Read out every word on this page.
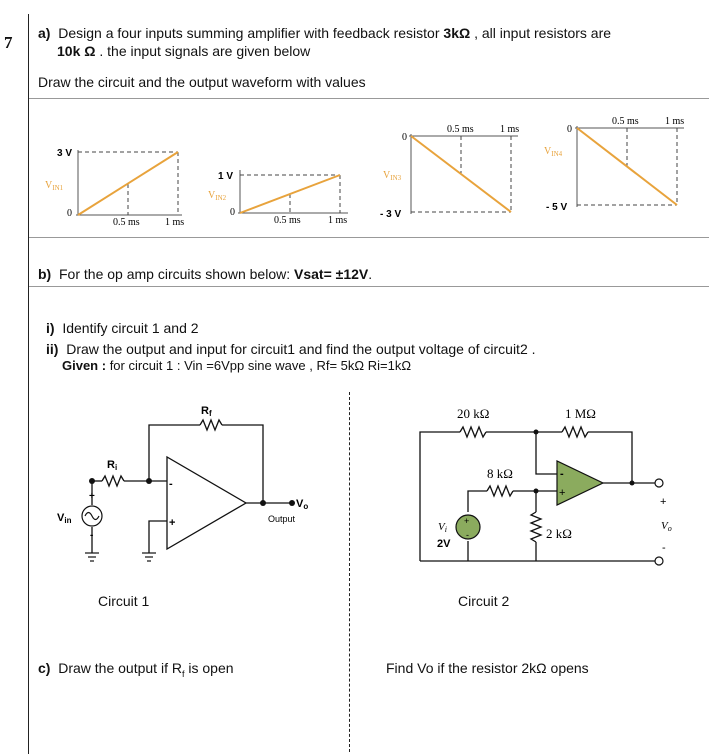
7 a) Design a four inputs summing amplifier with feedback resistor 3kΩ , all input resistors are
10k Ω . the input signals are given below
Draw the circuit and the output waveform with values
3 V
$V_{IN1}$
0
0.5 ms	1 ms
1 V
$V_{IN2}$
0
0.5 ms	1 ms
- 3 V
$V_{IN3}$
0
0.5 ms	1 ms
- 5 V
$V_{IN4}$
0
0.5 ms	1 ms
b) For the op amp circuits shown below: Vsat= ±12V.
i) Identify circuit 1 and 2
ii) Draw the output and input for circuit1 and find the output voltage of circuit2 .
Given : for circuit 1 : Vin =6Vpp sine wave , Rf= 5kΩ Ri=1kΩ
Rf
Ri
Vin
Vo
Output
-
+
+
-
20 kΩ	1 MΩ
8 kΩ
2 kΩ
-
+
+
-
Vi
2V
+
Vo
-
Circuit 1	Circuit 2
c) Draw the output if $R_f$ is open	Find Vo if the resistor 2kΩ opens
